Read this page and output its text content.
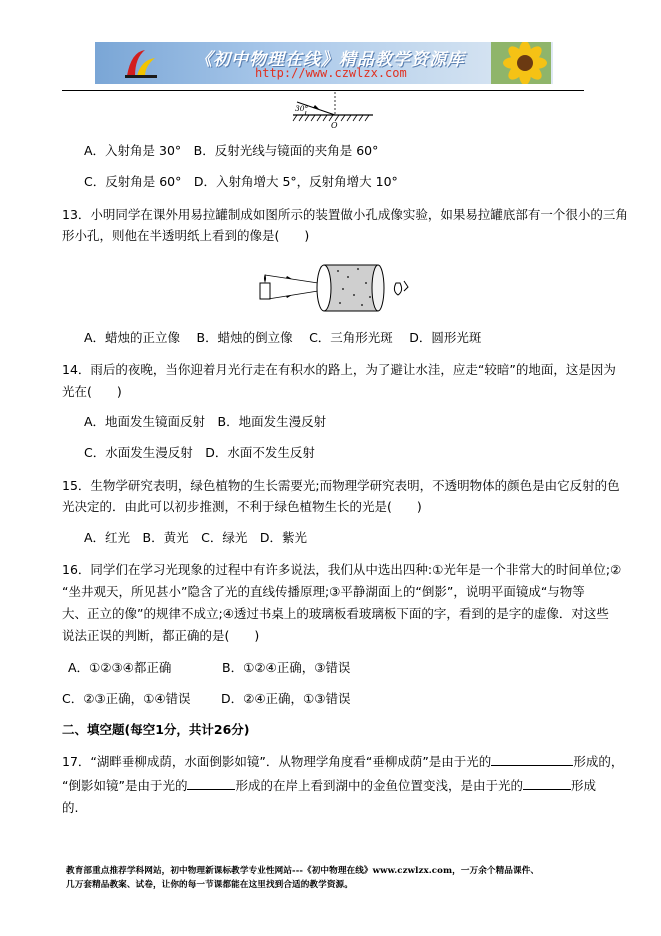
《初中物理在线》精品教学资源库
http://www.czwlzx.com
30°
O
A．入射角是 30°　B．反射光线与镜面的夹角是 60°
C．反射角是 60°　D．入射角增大 5°，反射角增大 10°
13．小明同学在课外用易拉罐制成如图所示的装置做小孔成像实验，如果易拉罐底部有一个很小的三角
形小孔，则他在半透明纸上看到的像是(　　)
A．蜡烛的正立像　 B．蜡烛的倒立像　 C．三角形光斑　 D．圆形光斑
14．雨后的夜晚，当你迎着月光行走在有积水的路上，为了避让水洼，应走“较暗”的地面，这是因为
光在(　　)
A．地面发生镜面反射　B．地面发生漫反射
C．水面发生漫反射　D．水面不发生反射
15．生物学研究表明，绿色植物的生长需要光;而物理学研究表明，不透明物体的颜色是由它反射的色
光决定的．由此可以初步推测，不利于绿色植物生长的光是(　　)
A．红光　B．黄光　C．绿光　D．紫光
16．同学们在学习光现象的过程中有许多说法，我们从中选出四种:①光年是一个非常大的时间单位;②
“坐井观天，所见甚小”隐含了光的直线传播原理;③平静湖面上的“倒影”，说明平面镜成“与物等
大、正立的像”的规律不成立;④透过书桌上的玻璃板看玻璃板下面的字，看到的是字的虚像．对这些
说法正误的判断，都正确的是(　　)
A．①②③④都正确	B．①②④正确，③错误
C．②③正确，①④错误 D．②④正确，①③错误
二、填空题(每空1分，共计26分)
17．“湖畔垂柳成荫，水面倒影如镜”．从物理学角度看“垂柳成荫”是由于光的	形成的，
“倒影如镜”是由于光的	形成的在岸上看到湖中的金鱼位置变浅，是由于光的	形成
的.
教育部重点推荐学科网站，初中物理新课标教学专业性网站---《初中物理在线》www.czwlzx.com，一万余个精品课件、
几万套精品教案、试卷，让你的每一节课都能在这里找到合适的教学资源。
